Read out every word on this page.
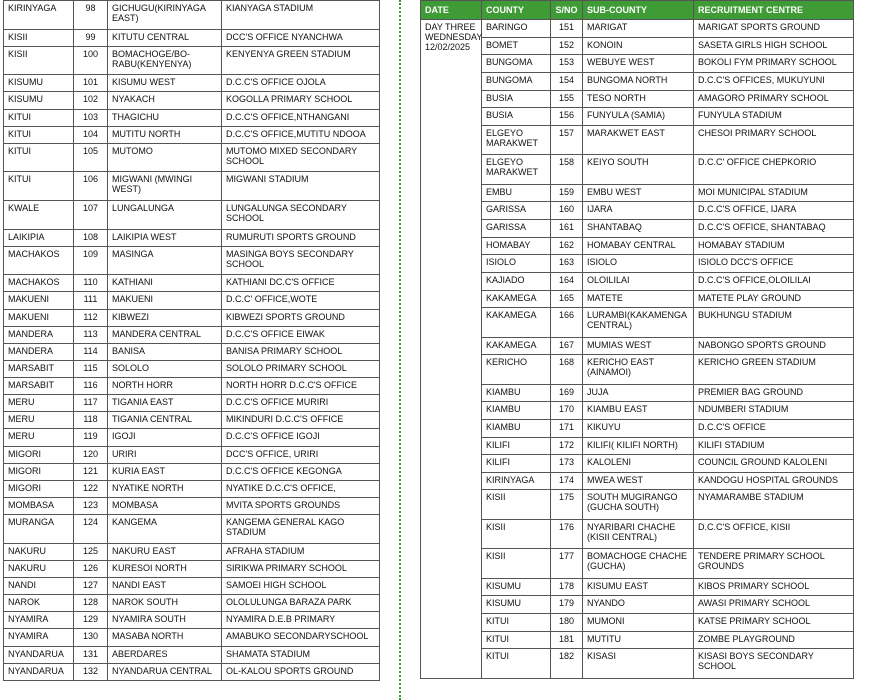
KIRINYAGA	98	GICHUGU(KIRINYAGA EAST)	KIANYAGA STADIUM
KISII	99	KITUTU CENTRAL	DCC'S OFFICE NYANCHWA
KISII	100	BOMACHOGE/BO-RABU(KENYENYA)	KENYENYA GREEN STADIUM
KISUMU	101	KISUMU WEST	D.C.C'S OFFICE OJOLA
KISUMU	102	NYAKACH	KOGOLLA PRIMARY SCHOOL
KITUI	103	THAGICHU	D.C.C'S OFFICE,NTHANGANI
KITUI	104	MUTITU NORTH	D.C.C'S OFFICE,MUTITU NDOOA
KITUI	105	MUTOMO	MUTOMO MIXED SECONDARY SCHOOL
KITUI	106	MIGWANI (MWINGI WEST)	MIGWANI STADIUM
KWALE	107	LUNGALUNGA	LUNGALUNGA SECONDARY SCHOOL
LAIKIPIA	108	LAIKIPIA WEST	RUMURUTI SPORTS GROUND
MACHAKOS	109	MASINGA	MASINGA BOYS SECONDARY SCHOOL
MACHAKOS	110	KATHIANI	KATHIANI DC.C'S OFFICE
MAKUENI	111	MAKUENI	D.C.C' OFFICE,WOTE
MAKUENI	112	KIBWEZI	KIBWEZI SPORTS GROUND
MANDERA	113	MANDERA CENTRAL	D.C.C'S OFFICE EIWAK
MANDERA	114	BANISA	BANISA PRIMARY SCHOOL
MARSABIT	115	SOLOLO	SOLOLO PRIMARY SCHOOL
MARSABIT	116	NORTH HORR	NORTH HORR D.C.C'S OFFICE
MERU	117	TIGANIA EAST	D.C.C'S OFFICE MURIRI
MERU	118	TIGANIA CENTRAL	MIKINDURI D.C.C'S OFFICE
MERU	119	IGOJI	D.C.C'S OFFICE IGOJI
MIGORI	120	URIRI	DCC'S OFFICE, URIRI
MIGORI	121	KURIA EAST	D.C.C'S OFFICE KEGONGA
MIGORI	122	NYATIKE NORTH	NYATIKE D.C.C'S OFFICE,
MOMBASA	123	MOMBASA	MVITA SPORTS GROUNDS
MURANGA	124	KANGEMA	KANGEMA GENERAL KAGO STADIUM
NAKURU	125	NAKURU EAST	AFRAHA STADIUM
NAKURU	126	KURESOI NORTH	SIRIKWA PRIMARY SCHOOL
NANDI	127	NANDI EAST	SAMOEI HIGH SCHOOL
NAROK	128	NAROK SOUTH	OLOLULUNGA BARAZA PARK
NYAMIRA	129	NYAMIRA SOUTH	NYAMIRA D.E.B PRIMARY
NYAMIRA	130	MASABA NORTH	AMABUKO SECONDARYSCHOOL
NYANDARUA	131	ABERDARES	SHAMATA STADIUM
NYANDARUA	132	NYANDARUA CENTRAL	OL-KALOU SPORTS GROUND
DATE	COUNTY	S/NO	SUB-COUNTY	RECRUITMENT CENTRE

DAY THREE
WEDNESDAY
12/02/2025	BARINGO	151	MARIGAT	MARIGAT SPORTS GROUND
	BOMET	152	KONOIN	SASETA GIRLS HIGH SCHOOL
	BUNGOMA	153	WEBUYE WEST	BOKOLI FYM PRIMARY SCHOOL
	BUNGOMA	154	BUNGOMA NORTH	D.C.C'S OFFICES, MUKUYUNI
	BUSIA	155	TESO NORTH	AMAGORO PRIMARY SCHOOL
	BUSIA	156	FUNYULA (SAMIA)	FUNYULA STADIUM
	ELGEYO MARAKWET	157	MARAKWET EAST	CHESOI PRIMARY SCHOOL
	ELGEYO MARAKWET	158	KEIYO SOUTH	D.C.C' OFFICE CHEPKORIO
	EMBU	159	EMBU WEST	MOI MUNICIPAL STADIUM
	GARISSA	160	IJARA	D.C.C'S OFFICE, IJARA
	GARISSA	161	SHANTABAQ	D.C.C'S OFFICE, SHANTABAQ
	HOMABAY	162	HOMABAY CENTRAL	HOMABAY STADIUM
	ISIOLO	163	ISIOLO	ISIOLO DCC'S OFFICE
	KAJIADO	164	OLOILILAI	D.C.C'S OFFICE,OLOILILAI
	KAKAMEGA	165	MATETE	MATETE PLAY GROUND
	KAKAMEGA	166	LURAMBI(KAKAMENGA CENTRAL)	BUKHUNGU STADIUM
	KAKAMEGA	167	MUMIAS WEST	NABONGO SPORTS GROUND
	KERICHO	168	KERICHO EAST (AINAMOI)	KERICHO GREEN STADIUM
	KIAMBU	169	JUJA	PREMIER BAG GROUND
	KIAMBU	170	KIAMBU EAST	NDUMBERI STADIUM
	KIAMBU	171	KIKUYU	D.C.C'S OFFICE
	KILIFI	172	KILIFI( KILIFI NORTH)	KILIFI STADIUM
	KILIFI	173	KALOLENI	COUNCIL GROUND KALOLENI
	KIRINYAGA	174	MWEA WEST	KANDOGU HOSPITAL GROUNDS
	KISII	175	SOUTH MUGIRANGO (GUCHA SOUTH)	NYAMARAMBE STADIUM
	KISII	176	NYARIBARI CHACHE (KISII CENTRAL)	D.C.C'S OFFICE, KISII
	KISII	177	BOMACHOGE CHACHE (GUCHA)	TENDERE PRIMARY SCHOOL GROUNDS
	KISUMU	178	KISUMU EAST	KIBOS PRIMARY SCHOOL
	KISUMU	179	NYANDO	AWASI PRIMARY SCHOOL
	KITUI	180	MUMONI	KATSE PRIMARY SCHOOL
	KITUI	181	MUTITU	ZOMBE PLAYGROUND
	KITUI	182	KISASI	KISASI BOYS SECONDARY SCHOOL
